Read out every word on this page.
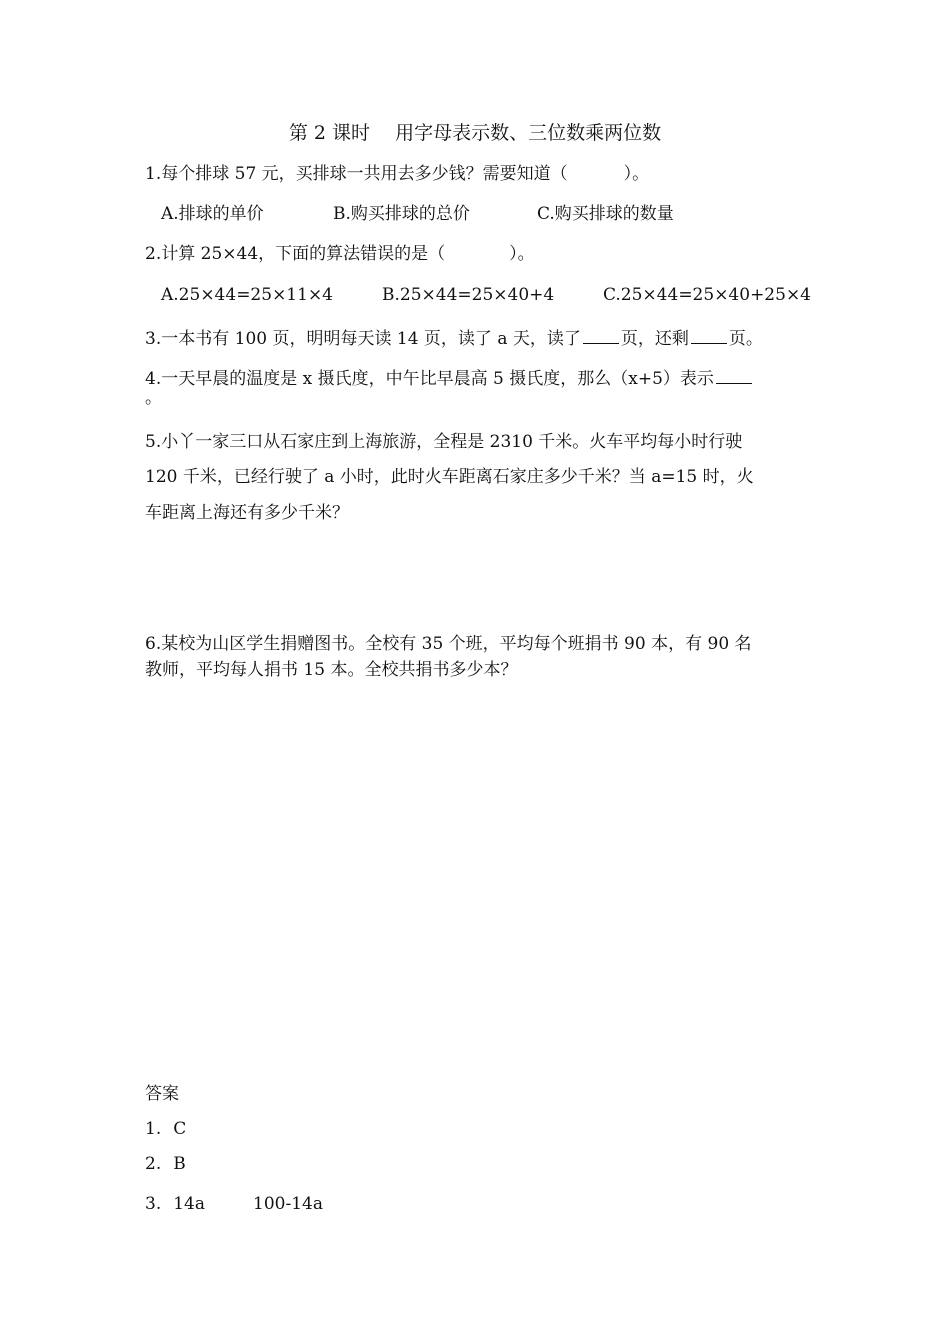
第 2 课时　 用字母表示数、三位数乘两位数
1.每个排球 57 元，买排球一共用去多少钱？需要知道（	）。
A.排球的单价	B.购买排球的总价	C.购买排球的数量
2.计算 25×44，下面的算法错误的是（	）。
A.25×44=25×11×4	B.25×44=25×40+4	C.25×44=25×40+25×4
3.一本书有 100 页，明明每天读 14 页，读了 a 天，读了 页，还剩 页。
4.一天早晨的温度是 x 摄氏度，中午比早晨高 5 摄氏度，那么（x+5）表示
。
5.小丫一家三口从石家庄到上海旅游，全程是 2310 千米。火车平均每小时行驶
120 千米，已经行驶了 a 小时，此时火车距离石家庄多少千米？当 a=15 时，火
车距离上海还有多少千米？
6.某校为山区学生捐赠图书。全校有 35 个班，平均每个班捐书 90 本，有 90 名
教师，平均每人捐书 15 本。全校共捐书多少本？
答案
1. C
2. B
3. 14a	100-14a
